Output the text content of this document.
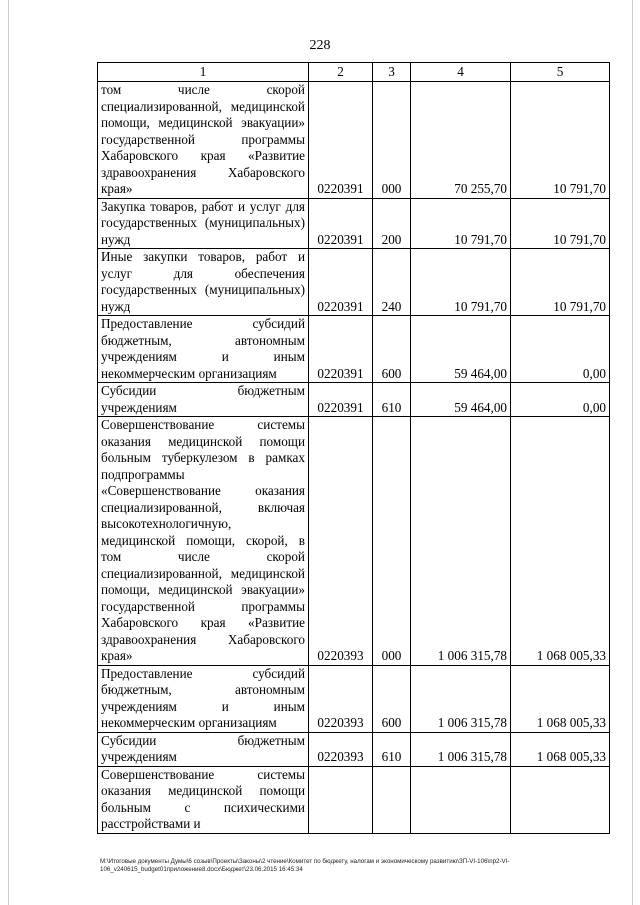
228
1	2	3	4	5
том числе скорой специализированной, медицинской помощи, медицинской эвакуации» государственной программы Хабаровского края «Развитие здравоохранения Хабаровского края»	0220391	000	70 255,70	10 791,70
Закупка товаров, работ и услуг для государственных (муниципальных) нужд	0220391	200	10 791,70	10 791,70
Иные закупки товаров, работ и услуг для обеспечения государственных (муниципальных) нужд	0220391	240	10 791,70	10 791,70
Предоставление субсидий бюджетным, автономным учреждениям и иным некоммерческим организациям	0220391	600	59 464,00	0,00
Субсидии бюджетным учреждениям	0220391	610	59 464,00	0,00
Совершенствование системы оказания медицинской помощи больным туберкулезом в рамках подпрограммы «Совершенствование оказания специализированной, включая высокотехнологичную, медицинской помощи, скорой, в том числе скорой специализированной, медицинской помощи, медицинской эвакуации» государственной программы Хабаровского края «Развитие здравоохранения Хабаровского края»	0220393	000	1 006 315,78	1 068 005,33
Предоставление субсидий бюджетным, автономным учреждениям и иным некоммерческим организациям	0220393	600	1 006 315,78	1 068 005,33
Субсидии бюджетным учреждениям	0220393	610	1 006 315,78	1 068 005,33
Совершенствование системы оказания медицинской помощи больным с психическими расстройствами и				
M:\Итоговые документы Думы\6 созыв\Проекты\Законы\2 чтение\Комитет по бюджету, налогам и экономическому развитию\ЗП-VI-106\пр2-VI-106_v240615_budget01приложение8.docx\Бюджет\23.06.2015 16:45:34
